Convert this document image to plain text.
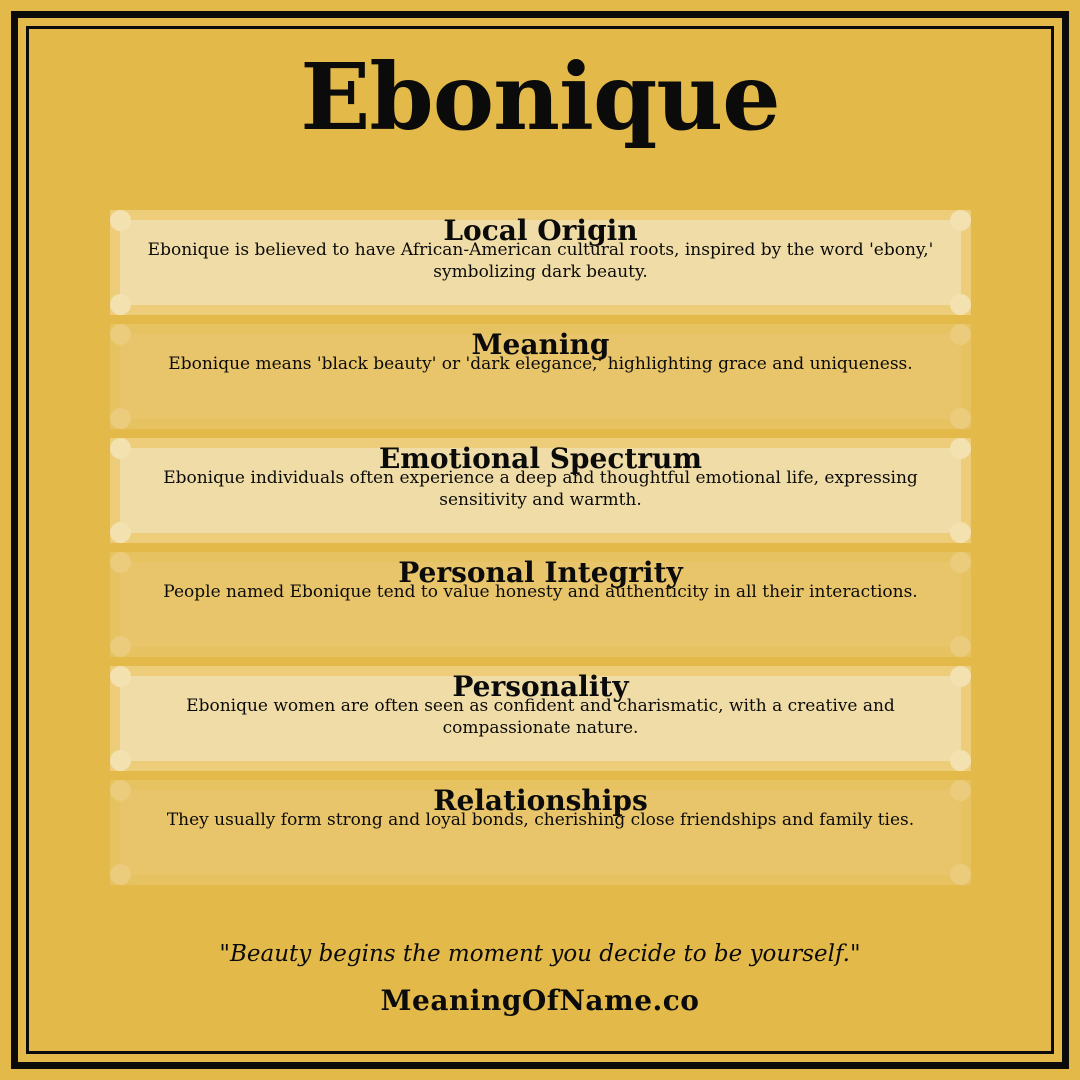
Ebonique
Local Origin
Ebonique is believed to have African-American cultural roots, inspired by the word 'ebony,' symbolizing dark beauty.
Meaning
Ebonique means 'black beauty' or 'dark elegance,' highlighting grace and uniqueness.
Emotional Spectrum
Ebonique individuals often experience a deep and thoughtful emotional life, expressing sensitivity and warmth.
Personal Integrity
People named Ebonique tend to value honesty and authenticity in all their interactions.
Personality
Ebonique women are often seen as confident and charismatic, with a creative and compassionate nature.
Relationships
They usually form strong and loyal bonds, cherishing close friendships and family ties.
"Beauty begins the moment you decide to be yourself."
MeaningOfName.co
